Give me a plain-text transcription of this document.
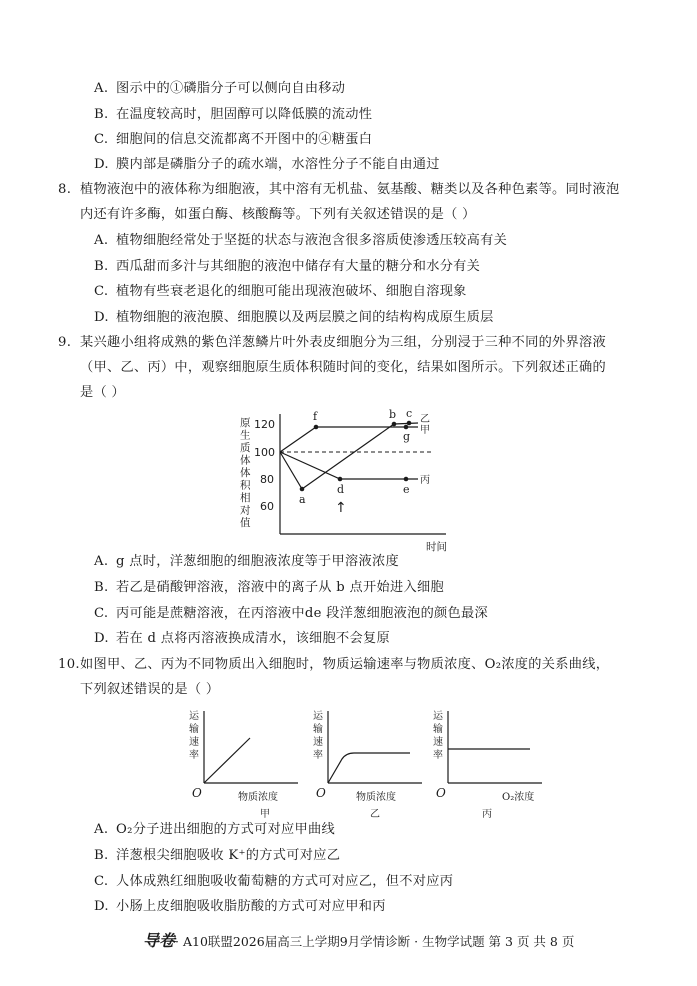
A. 图示中的①磷脂分子可以侧向自由移动
B. 在温度较高时，胆固醇可以降低膜的流动性
C. 细胞间的信息交流都离不开图中的④糖蛋白
D. 膜内部是磷脂分子的疏水端，水溶性分子不能自由通过
8. 植物液泡中的液体称为细胞液，其中溶有无机盐、氨基酸、糖类以及各种色素等。同时液泡
内还有许多酶，如蛋白酶、核酸酶等。下列有关叙述错误的是（ ）
A. 植物细胞经常处于坚挺的状态与液泡含很多溶质使渗透压较高有关
B. 西瓜甜而多汁与其细胞的液泡中储存有大量的糖分和水分有关
C. 植物有些衰老退化的细胞可能出现液泡破坏、细胞自溶现象
D. 植物细胞的液泡膜、细胞膜以及两层膜之间的结构构成原生质层
9. 某兴趣小组将成熟的紫色洋葱鳞片叶外表皮细胞分为三组，分别浸于三种不同的外界溶液
（甲、乙、丙）中，观察细胞原生质体积随时间的变化，结果如图所示。下列叙述正确的
是（ ）
原
生
质
体
体
积
相
对
值
120
100
80
60
f
a
b c
d	e
g
乙
甲
丙
↑
时间
A. g 点时，洋葱细胞的细胞液浓度等于甲溶液浓度
B. 若乙是硝酸钾溶液，溶液中的离子从 b 点开始进入细胞
C. 丙可能是蔗糖溶液，在丙溶液中de 段洋葱细胞液泡的颜色最深
D. 若在 d 点将丙溶液换成清水，该细胞不会复原
10.如图甲、乙、丙为不同物质出入细胞时，物质运输速率与物质浓度、O₂浓度的关系曲线，
下列叙述错误的是（ ）
运
输
速
率
O	物质浓度
甲
运
输
速
率
O	物质浓度
乙
运
输
速
率
O	O₂浓度
丙
A. O₂分子进出细胞的方式可对应甲曲线
B. 洋葱根尖细胞吸收 K⁺的方式可对应乙
C. 人体成熟红细胞吸收葡萄糖的方式可对应乙，但不对应丙
D. 小肠上皮细胞吸收脂肪酸的方式可对应甲和丙
导卷· A10联盟2026届高三上学期9月学情诊断 · 生物学试题 第 3 页 共 8 页
